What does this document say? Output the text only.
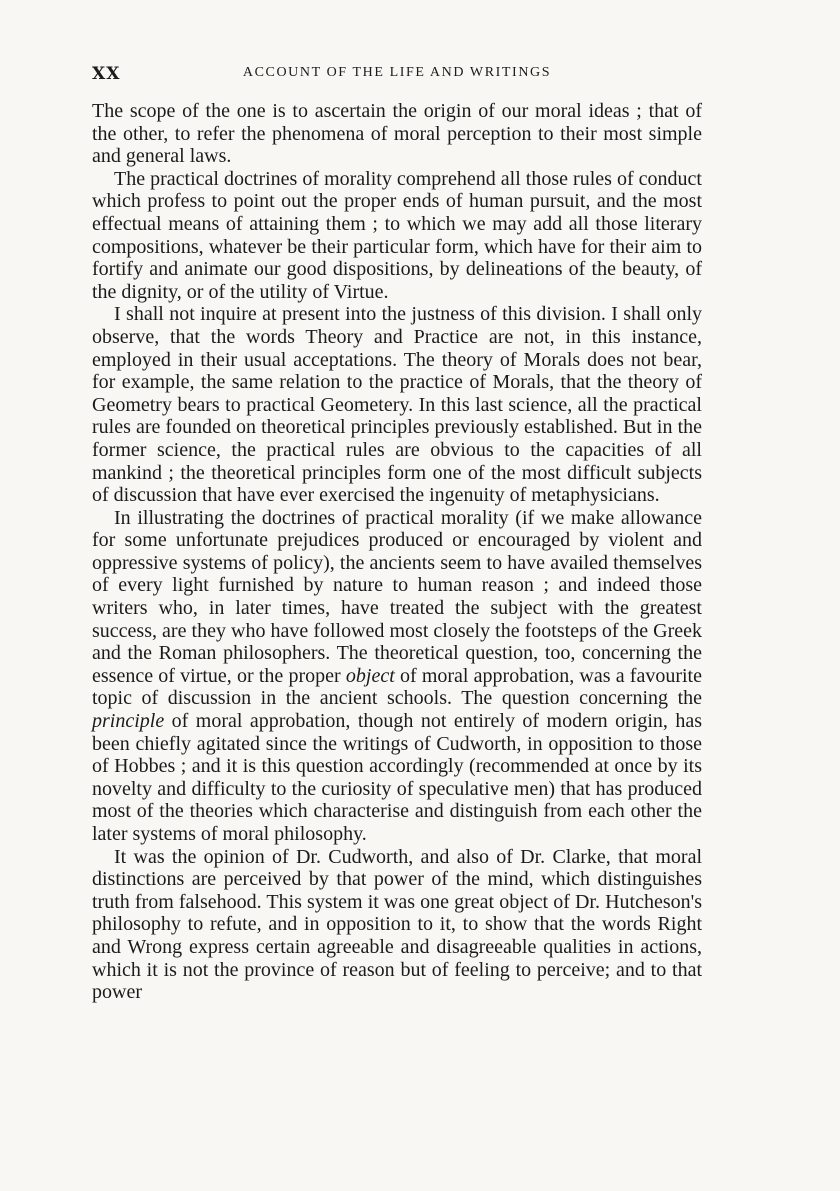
XX	ACCOUNT OF THE LIFE AND WRITINGS

The scope of the one is to ascertain the origin of our moral ideas ; that of the other, to refer the phenomena of moral perception to their most simple and general laws.

The practical doctrines of morality comprehend all those rules of conduct which profess to point out the proper ends of human pursuit, and the most effectual means of attaining them ; to which we may add all those literary compositions, whatever be their particular form, which have for their aim to fortify and animate our good dispositions, by delineations of the beauty, of the dignity, or of the utility of Virtue.

I shall not inquire at present into the justness of this division. I shall only observe, that the words Theory and Practice are not, in this instance, employed in their usual acceptations. The theory of Morals does not bear, for example, the same relation to the practice of Morals, that the theory of Geometry bears to practical Geometery. In this last science, all the practical rules are founded on theoretical principles previously established. But in the former science, the practical rules are obvious to the capacities of all mankind ; the theoretical principles form one of the most difficult subjects of discussion that have ever exercised the ingenuity of metaphysicians.

In illustrating the doctrines of practical morality (if we make allowance for some unfortunate prejudices produced or encouraged by violent and oppressive systems of policy), the ancients seem to have availed themselves of every light furnished by nature to human reason ; and indeed those writers who, in later times, have treated the subject with the greatest success, are they who have followed most closely the footsteps of the Greek and the Roman philosophers. The theoretical question, too, concerning the essence of virtue, or the proper object of moral approbation, was a favourite topic of discussion in the ancient schools. The question concerning the principle of moral approbation, though not entirely of modern origin, has been chiefly agitated since the writings of Cudworth, in opposition to those of Hobbes ; and it is this question accordingly (recommended at once by its novelty and difficulty to the curiosity of speculative men) that has produced most of the theories which characterise and distinguish from each other the later systems of moral philosophy.

It was the opinion of Dr. Cudworth, and also of Dr. Clarke, that moral distinctions are perceived by that power of the mind, which distinguishes truth from falsehood. This system it was one great object of Dr. Hutcheson's philosophy to refute, and in opposition to it, to show that the words Right and Wrong express certain agreeable and disagreeable qualities in actions, which it is not the province of reason but of feeling to perceive; and to that power
